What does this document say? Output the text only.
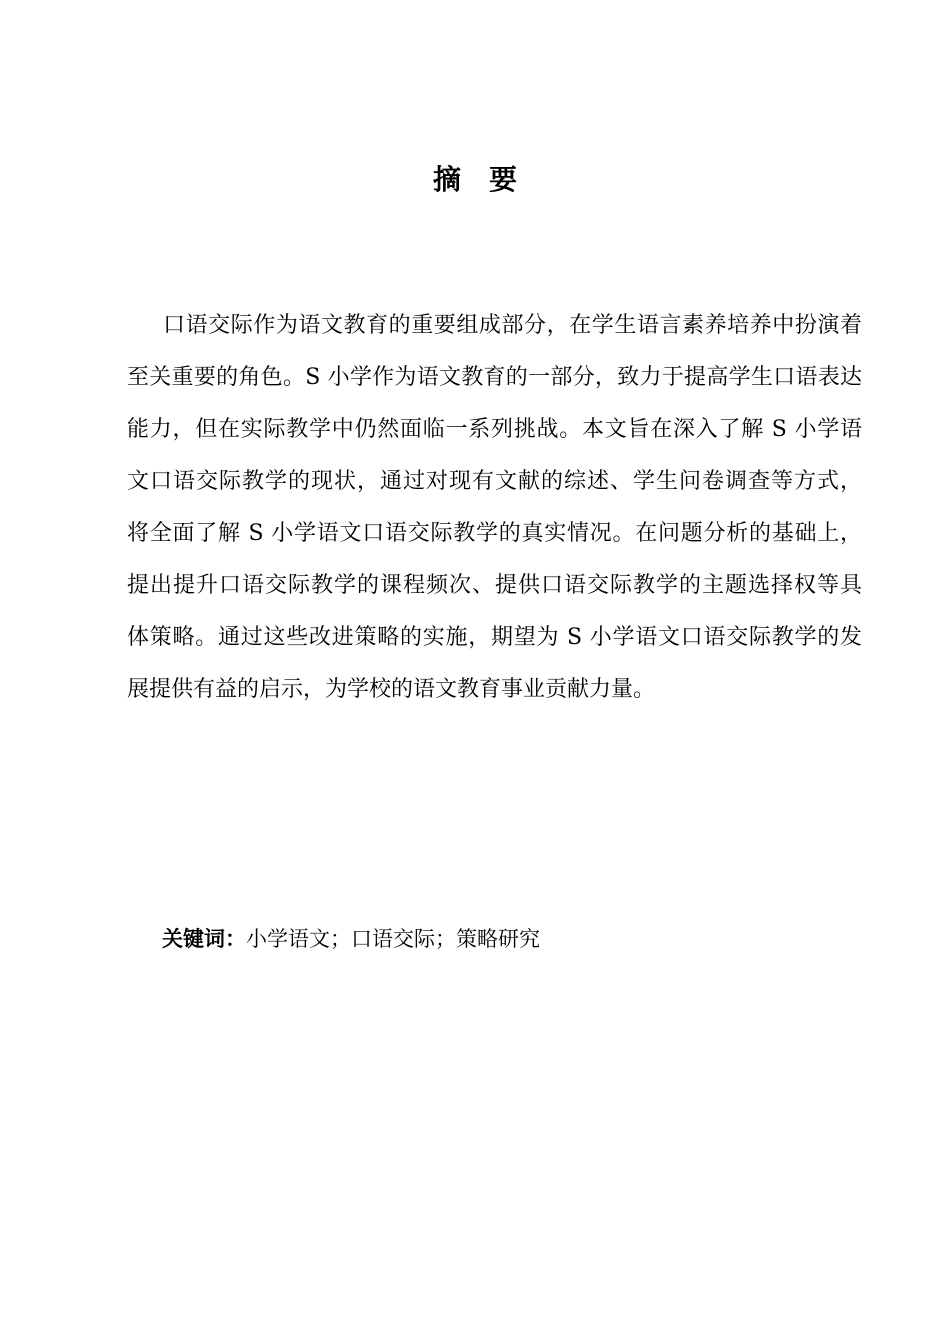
摘 要
口语交际作为语文教育的重要组成部分，在学生语言素养培养中扮演着
至关重要的角色。S 小学作为语文教育的一部分，致力于提高学生口语表达
能力，但在实际教学中仍然面临一系列挑战。本文旨在深入了解 S 小学语
文口语交际教学的现状，通过对现有文献的综述、学生问卷调查等方式，
将全面了解 S 小学语文口语交际教学的真实情况。在问题分析的基础上，
提出提升口语交际教学的课程频次、提供口语交际教学的主题选择权等具
体策略。通过这些改进策略的实施，期望为 S 小学语文口语交际教学的发
展提供有益的启示，为学校的语文教育事业贡献力量。
关键词：小学语文；口语交际；策略研究
